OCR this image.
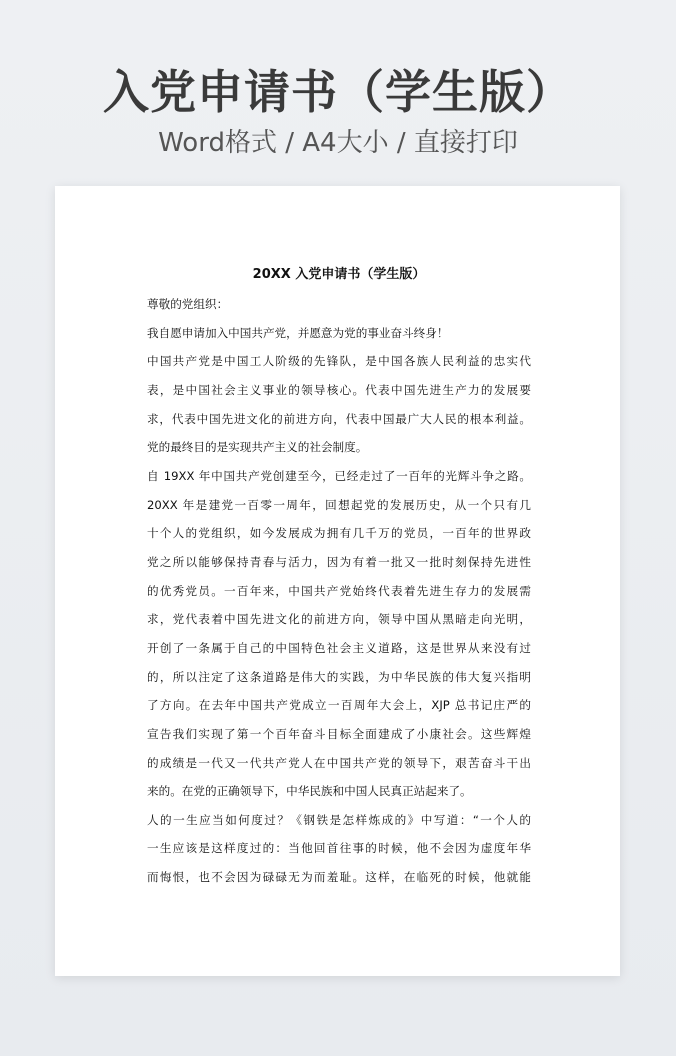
入党申请书（学生版）
Word格式 / A4大小 / 直接打印
20XX 入党申请书（学生版）
尊敬的党组织：
我自愿申请加入中国共产党，并愿意为党的事业奋斗终身！
中国共产党是中国工人阶级的先锋队，是中国各族人民利益的忠实代
表，是中国社会主义事业的领导核心。代表中国先进生产力的发展要
求，代表中国先进文化的前进方向，代表中国最广大人民的根本利益。
党的最终目的是实现共产主义的社会制度。
自 19XX 年中国共产党创建至今，已经走过了一百年的光辉斗争之路。
20XX 年是建党一百零一周年，回想起党的发展历史，从一个只有几
十个人的党组织，如今发展成为拥有几千万的党员，一百年的世界政
党之所以能够保持青春与活力，因为有着一批又一批时刻保持先进性
的优秀党员。一百年来，中国共产党始终代表着先进生存力的发展需
求，党代表着中国先进文化的前进方向，领导中国从黑暗走向光明，
开创了一条属于自己的中国特色社会主义道路，这是世界从来没有过
的，所以注定了这条道路是伟大的实践，为中华民族的伟大复兴指明
了方向。在去年中国共产党成立一百周年大会上，XJP 总书记庄严的
宣告我们实现了第一个百年奋斗目标全面建成了小康社会。这些辉煌
的成绩是一代又一代共产党人在中国共产党的领导下，艰苦奋斗干出
来的。在党的正确领导下，中华民族和中国人民真正站起来了。
人的一生应当如何度过？《钢铁是怎样炼成的》中写道：“一个人的
一生应该是这样度过的：当他回首往事的时候，他不会因为虚度年华
而悔恨，也不会因为碌碌无为而羞耻。这样，在临死的时候，他就能
